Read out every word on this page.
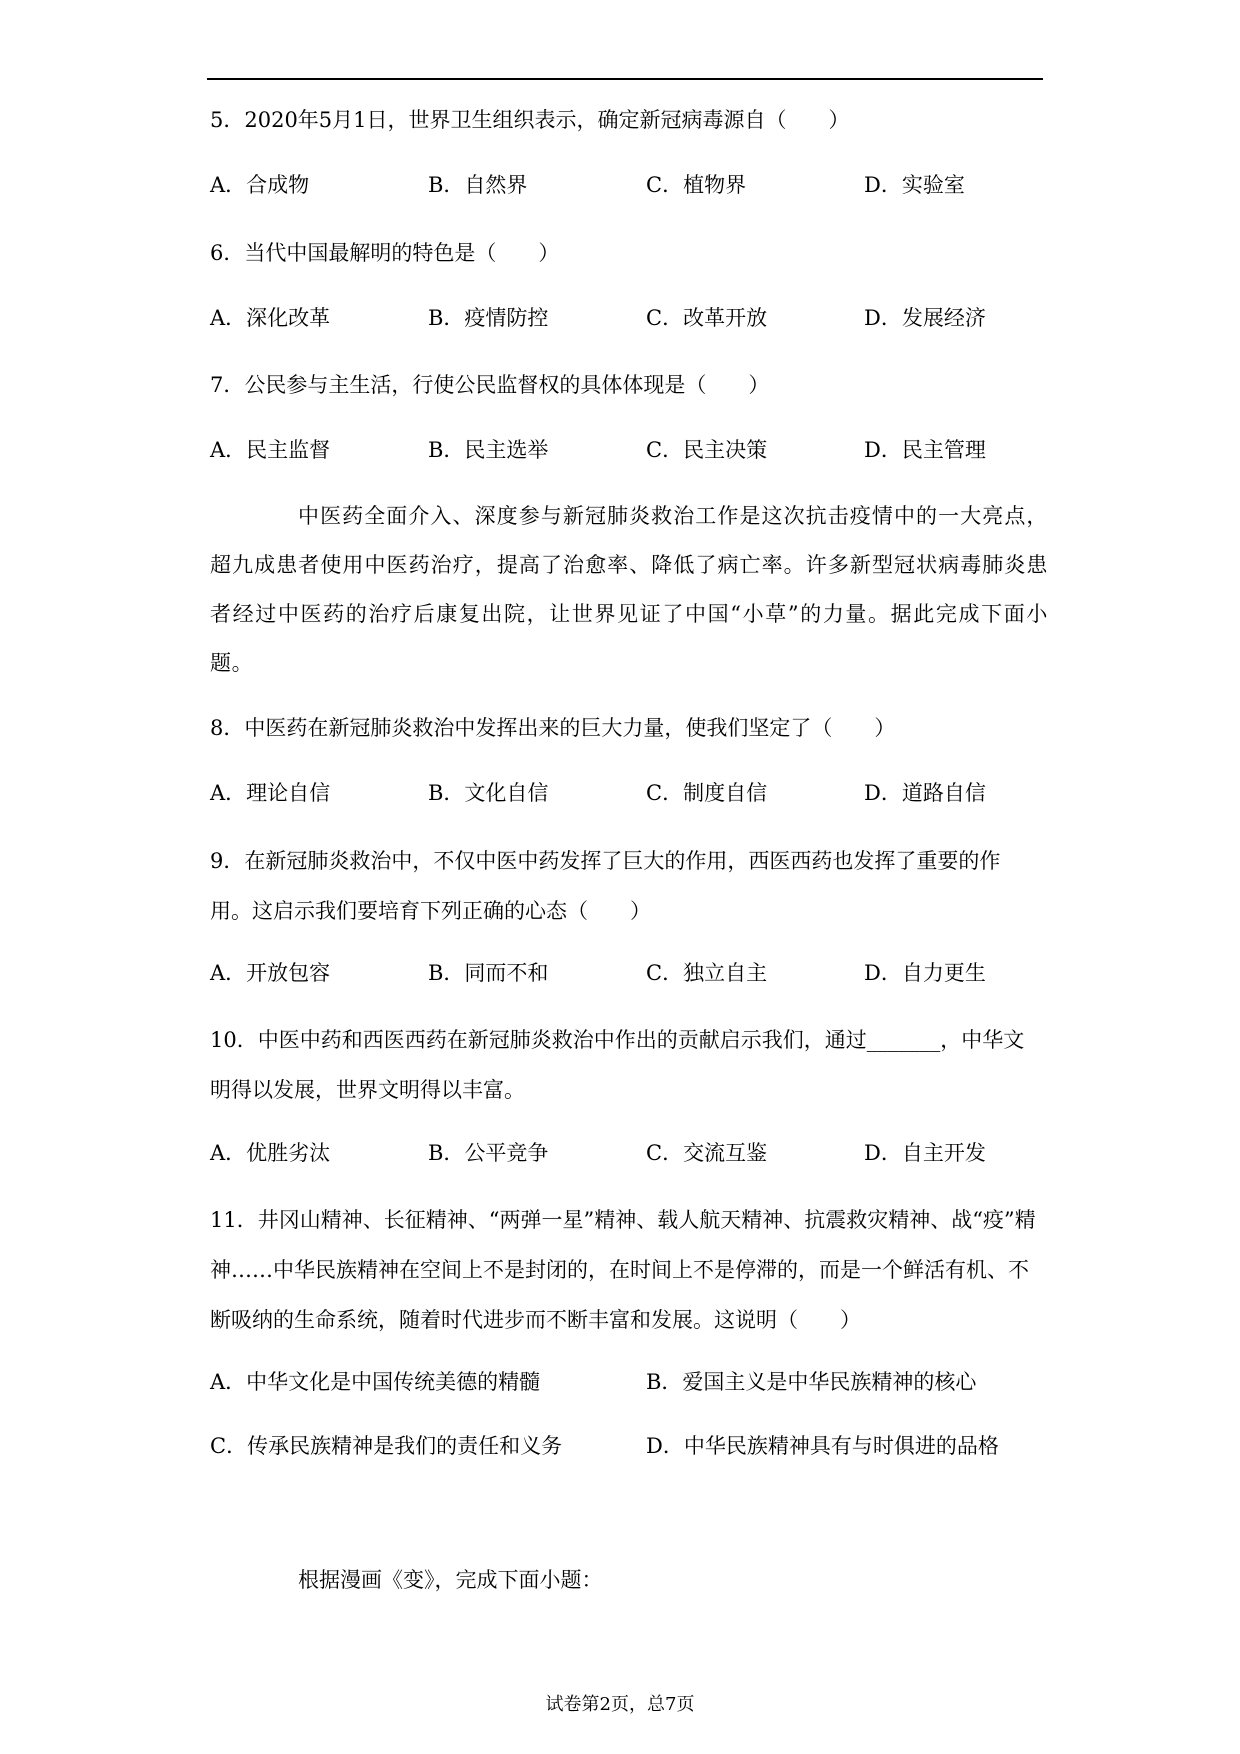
5．2020年5月1日，世界卫生组织表示，确定新冠病毒源自（　　）
A．合成物	B．自然界	C．植物界	D．实验室
6．当代中国最解明的特色是（　　）
A．深化改革	B．疫情防控	C．改革开放	D．发展经济
7．公民参与主生活，行使公民监督权的具体体现是（　　）
A．民主监督	B．民主选举	C．民主决策	D．民主管理
中医药全面介入、深度参与新冠肺炎救治工作是这次抗击疫情中的一大亮点，超九成患者使用中医药治疗，提高了治愈率、降低了病亡率。许多新型冠状病毒肺炎患者经过中医药的治疗后康复出院，让世界见证了中国“小草”的力量。据此完成下面小题。
8．中医药在新冠肺炎救治中发挥出来的巨大力量，使我们坚定了（　　）
A．理论自信	B．文化自信	C．制度自信	D．道路自信
9．在新冠肺炎救治中，不仅中医中药发挥了巨大的作用，西医西药也发挥了重要的作用。这启示我们要培育下列正确的心态（　　）
A．开放包容	B．同而不和	C．独立自主	D．自力更生
10．中医中药和西医西药在新冠肺炎救治中作出的贡献启示我们，通过_______，中华文明得以发展，世界文明得以丰富。
A．优胜劣汰	B．公平竞争	C．交流互鉴	D．自主开发
11．井冈山精神、长征精神、“两弹一星”精神、载人航天精神、抗震救灾精神、战“疫”精神……中华民族精神在空间上不是封闭的，在时间上不是停滞的，而是一个鲜活有机、不断吸纳的生命系统，随着时代进步而不断丰富和发展。这说明（　　）
A．中华文化是中国传统美德的精髓	B．爱国主义是中华民族精神的核心
C．传承民族精神是我们的责任和义务	D．中华民族精神具有与时俱进的品格
根据漫画《变》，完成下面小题：
试卷第2页，总7页
